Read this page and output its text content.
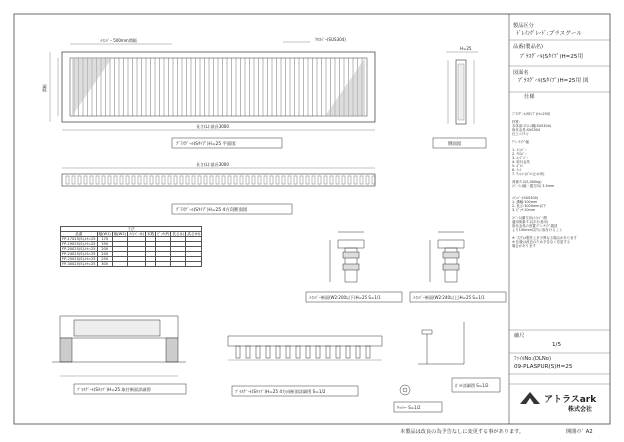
溝幅
ﾒｲﾝﾊﾞｰ 500mm間隔	ｸﾛｽﾊﾞｰ(SUS304)
長さ(L):最長3000
ﾌﾟﾗｽｸﾞｰﾙ(Sﾀｲﾌﾟ)H=25 平面図
H=25
側面図
長さ(L):最長3000
ﾌﾟﾗｽｸﾞｰﾙ(Sﾀｲﾌﾟ)H=25 4方向断面図
ﾒｲﾝﾊﾞｰ断面(W2:200以下)H=25 S=1/1	ﾒｲﾝﾊﾞｰ断面(W2:240以上)H=25 S=1/1
ﾌﾟﾗｽｸﾞｰﾙ(Sﾀｲﾌﾟ)H=25 取付断面詳細図	ﾌﾟﾗｽｸﾞｰﾙ(Sﾀｲﾌﾟ)H=25 4方向断面詳細図 S=1/2
ﾜｯｼｬｰ S=1/2
ﾎﾞﾙﾄ詳細図 S=1/2
寸法							
品番	幅(W1)	幅(W2)	ﾒｲﾝﾊﾞｰ(t)	本数	ﾋﾟｯﾁ(P)	長さ(L)	高さ(H)
FP-17025(S)-H=25	170						
FP-19025(S)-H=25	190						
FP-20025(S)-H=25	200						
FP-24025(S)-H=25	240						
FP-25025(S)-H=25	250						
FP-30025(S)-H=25	300						
製品区分
ﾄﾞﾚｲﾝｸﾞﾚｰﾄﾞ:プラスグール
品番(製品名)
ﾌﾟﾗｽｸﾞｰﾙ(Sﾀｲﾌﾟ)H=25用
図面名
ﾌﾟﾗｽｸﾞｰﾙ(Sﾀｲﾌﾟ)H=25用 図
仕様
ﾌﾟﾗｽｸﾞｰﾙ(Sﾀｲﾌﾟ)H=25用

材質:
本体部:ｽﾃﾝﾚｽ鋼(SUS304)
取付金具:SUS304
仕上:ﾍｱﾗｲﾝ

ｸﾞﾚｰﾁﾝｸﾞ幅

1. ﾒｲﾝﾊﾞｰ
2. ｸﾛｽﾊﾞｰ
3. ｴﾝﾄﾞﾊﾞｰ
4. 取付金具
5. ﾎﾞﾙﾄ
6. ﾅｯﾄ
7. ﾜｯｼｬｰ(ﾎﾞﾙﾄ止め用)

荷重:T-2(5,000kg)
ｽﾍﾟｰｽ:(幅・縦方向) 3.5mm

ﾒｲﾝﾊﾞｰ(SUS304)
1. 溝幅:100mm
2. 長さ:3000mm以下
3. ﾋﾟｯﾁ:10mm

ｽﾍﾟｰｽ(溝方向)ﾒｲﾝﾊﾞｰ間
適用荷重:T-2(歩行者用)
取付金具の設置:ｸﾞﾚｰﾁﾝｸﾞ端部
より100mm以内に取付けること

※ 寸法は製作上多少異なる場合があります
※ 仕様は改良のため予告なく変更する
場合があります
縮尺
1/5
ﾌｧｲﾙNo.(DLNo)
09-PLASPUR(S)H=25
アトラスark
株式会社
本製品は改良の為予告なしに変更する事があります。	開閉ｲﾄﾞ A2
